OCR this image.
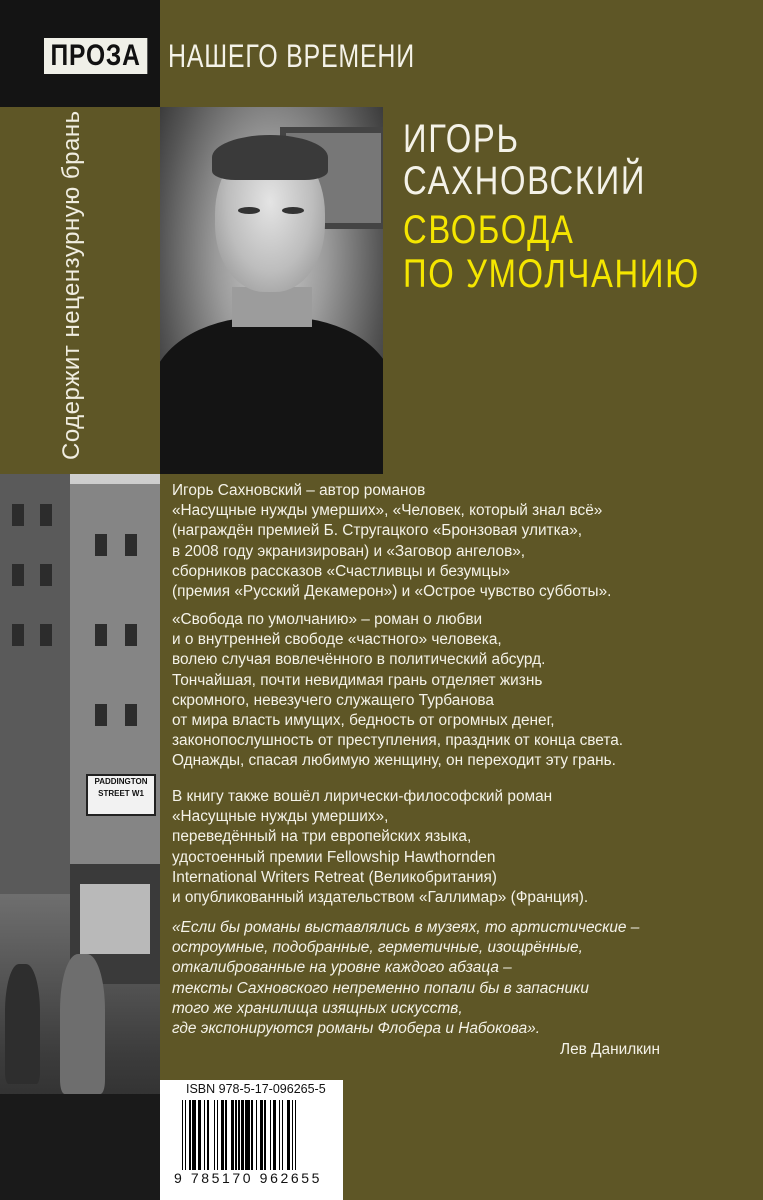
ПРОЗА НАШЕГО ВРЕМЕНИ
Содержит нецензурную брань	ИГОРЬ
САХНОВСКИЙ
СВОБОДА
ПО УМОЛЧАНИЮ
PADDINGTON
STREET W1

Игорь Сахновский – автор романов

«Насущные нужды умерших», «Человек, который знал всё»

(награждён премией Б. Стругацкого «Бронзовая улитка»,

в 2008 году экранизирован) и «Заговор ангелов»,

сборников рассказов «Счастливцы и безумцы»

(премия «Русский Декамерон») и «Острое чувство субботы».

«Свобода по умолчанию» – роман о любви

и о внутренней свободе «частного» человека,

волею случая вовлечённого в политический абсурд.

Тончайшая, почти невидимая грань отделяет жизнь

скромного, невезучего служащего Турбанова

от мира власть имущих, бедность от огромных денег,

законопослушность от преступления, праздник от конца света.

Однажды, спасая любимую женщину, он переходит эту грань.

В книгу также вошёл лирически-философский роман

«Насущные нужды умерших»,

переведённый на три европейских языка,

удостоенный премии Fellowship Hawthornden

International Writers Retreat (Великобритания)

и опубликованный издательством «Галлимар» (Франция).

«Если бы романы выставлялись в музеях, то артистические –

остроумные, подобранные, герметичные, изощрённые,

откалиброванные на уровне каждого абзаца –

тексты Сахновского непременно попали бы в запасники

того же хранилища изящных искусств,

где экспонируются романы Флобера и Набокова».

Лев Данилкин
ISBN 978-5-17-096265-5
9 785170 962655
